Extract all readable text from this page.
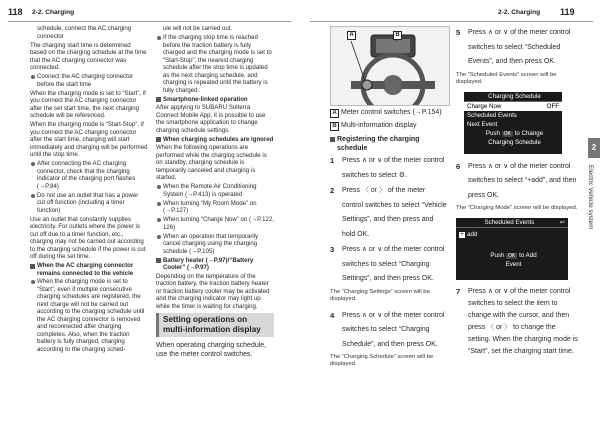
118 2-2. Charging	2-2. Charging 119
2
Electric Vehicle system

schedule, connect the AC charging connector

The charging start time is determined based on the charging schedule at the time that the AC charging connector was connected.

Connect the AC charging connector before the start time

When the charging mode is set to “Start”, if you connect the AC charging connector after the set start time, the next charging schedule will be referenced.

When the charging mode is “Start-Stop”, if you connect the AC charging connector after the start time, charging will start immediately and charging will be performed until the stop time.

After connecting the AC charging connector, check that the charging indicator of the charging port flashes (→P.84)
Do not use an outlet that has a power cut off function (including a timer function)

Use an outlet that constantly supplies electricity. For outlets where the power is cut off due to a timer function, etc., charging may not be carried out according to the charging schedule if the power is cut off during the set time.

When the AC charging connector remains connected to the vehicle
When the charging mode is set to “Start”, even if multiple consecutive charging schedules are registered, the next charge will not be carried out according to the charging schedule until the AC charging connector is removed and reconnected after charging completes. Also, when the traction battery is fully charged, charging according to the charging sched-

ule will not be carried out.

If the charging stop time is reached before the traction battery is fully charged and the charging mode is set to “Start-Stop”, the nearest charging schedule after the stop time is updated as the next charging schedule, and charging is repeated until the battery is fully charged.
Smartphone-linked operation

After applying to SUBARU Solterra Connect Mobile App, it is possible to use the smartphone application to change charging schedule settings.

When charging schedules are ignored

When the following operations are performed while the charging schedule is on standby, charging schedule is temporarily canceled and charging is started.

When the Remote Air Conditioning System (→P.413) is operated
When turning “My Room Mode” on (→P.127)
When turning “Charge Now” on (→P.122, 126)
When an operation that temporarily cancel charging using the charging schedule (→P.105)
Battery heater (→P.97)/“Battery Cooler” (→P.97)

Depending on the temperature of the traction battery, the traction battery heater or traction battery cooler may be activated and the charging indicator may light up while the timer is waiting for charging.

Setting operations on multi-information display

When operating charging schedule, use the meter control switches.

A	B
A Meter control switches (→P.154)
B Multi-information display
Registering the charging schedule
1	Press ∧ or ∨ of the meter control switches to select ⚙.
2	Press 〈 or 〉 of the meter control switches to select “Vehicle Settings”, and then press and hold OK.
3	Press ∧ or ∨ of the meter control switches to select “Charging Settings”, and then press OK.
The “Charging Settings” screen will be displayed.
4	Press ∧ or ∨ of the meter control switches to select “Charging Schedule”, and then press OK.
The “Charging Schedule” screen will be displayed.
5	Press ∧ or ∨ of the meter control switches to select “Scheduled Events”, and then press OK.
The “Scheduled Events” screen will be displayed.
Charging Schedule
Charge Now	OFF
Scheduled Events
Next Event
Push OK to Change
Charging Schedule
6	Press ∧ or ∨ of the meter control switches to select “+add”, and then press OK.
The “Charging Mode” screen will be displayed.
Scheduled Events	↩
+ add
Push OK to Add
Event
7	Press ∧ or ∨ of the meter control switches to select the item to change with the cursor, and then press 〈 or 〉 to change the setting. When the charging mode is “Start”, set the charging start time.
